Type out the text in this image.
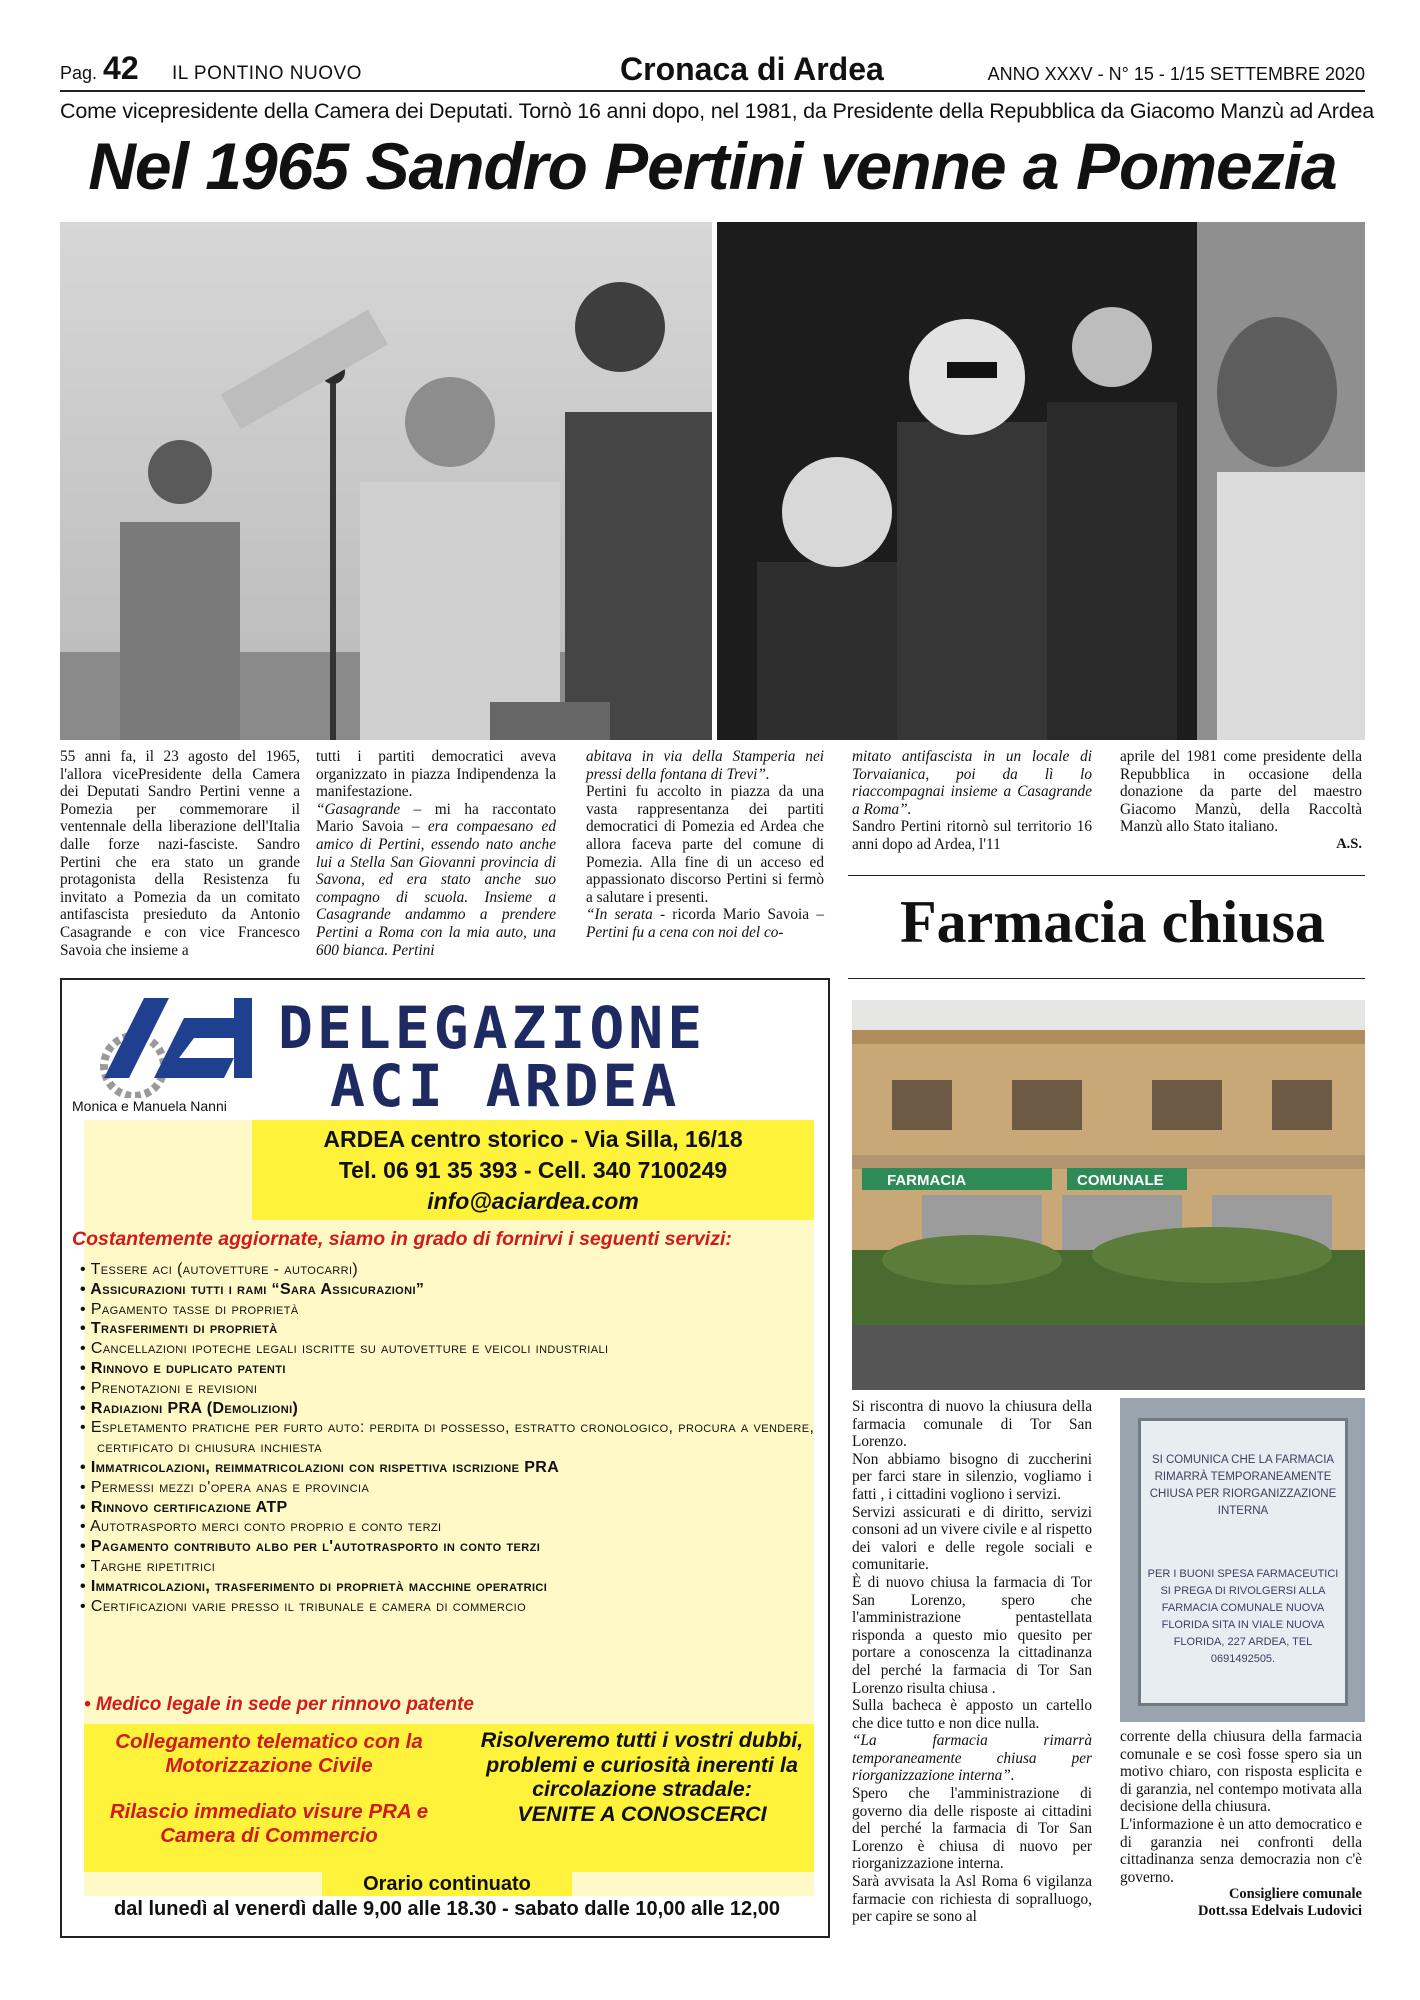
Pag. 42	IL PONTINO NUOVO	Cronaca di Ardea	ANNO XXXV - N° 15 - 1/15 SETTEMBRE 2020
Come vicepresidente della Camera dei Deputati. Tornò 16 anni dopo, nel 1981, da Presidente della Repubblica da Giacomo Manzù ad Ardea
Nel 1965 Sandro Pertini venne a Pomezia

55 anni fa, il 23 agosto del 1965, l'allora vicePresidente della Camera dei Deputati Sandro Pertini venne a Pomezia per commemorare il ventennale della liberazione dell'Italia dalle forze nazi-fasciste. Sandro Pertini che era stato un grande protagonista della Resistenza fu invitato a Pomezia da un comitato antifascista presieduto da Antonio Casagrande e con vice Francesco Savoia che insieme a

tutti i partiti democratici aveva organizzato in piazza Indipendenza la manifestazione.

“Gasagrande – mi ha raccontato Mario Savoia – era compaesano ed amico di Pertini, essendo nato anche lui a Stella San Giovanni provincia di Savona, ed era stato anche suo compagno di scuola. Insieme a Casagrande andammo a prendere Pertini a Roma con la mia auto, una 600 bianca. Pertini

abitava in via della Stamperia nei pressi della fontana di Trevi”.

Pertini fu accolto in piazza da una vasta rappresentanza dei partiti democratici di Pomezia ed Ardea che allora faceva parte del comune di Pomezia. Alla fine di un acceso ed appassionato discorso Pertini si fermò a salutare i presenti.

“In serata - ricorda Mario Savoia – Pertini fu a cena con noi del co-

mitato antifascista in un locale di Torvaianica, poi da lì lo riaccompagnai insieme a Casagrande a Roma”.

Sandro Pertini ritornò sul territorio 16 anni dopo ad Ardea, l'11

aprile del 1981 come presidente della Repubblica in occasione della donazione da parte del maestro Giacomo Manzù, della Raccoltà Manzù allo Stato italiano.

A.S.

Farmacia chiusa
FARMACIA	COMUNALE

Si riscontra di nuovo la chiusura della farmacia comunale di Tor San Lorenzo.

Non abbiamo bisogno di zuccherini per farci stare in silenzio, vogliamo i fatti , i cittadini vogliono i servizi.

Servizi assicurati e di diritto, servizi consoni ad un vivere civile e al rispetto dei valori e delle regole sociali e comunitarie.

È di nuovo chiusa la farmacia di Tor San Lorenzo, spero che l'amministrazione pentastellata risponda a questo mio quesito per portare a conoscenza la cittadinanza del perché la farmacia di Tor San Lorenzo risulta chiusa .

Sulla bacheca è apposto un cartello che dice tutto e non dice nulla.

“La farmacia rimarrà temporaneamente chiusa per riorganizzazione interna”.

Spero che l'amministrazione di governo dia delle risposte ai cittadini del perché la farmacia di Tor San Lorenzo è chiusa di nuovo per riorganizzazione interna.

Sarà avvisata la Asl Roma 6 vigilanza farmacie con richiesta di sopralluogo, per capire se sono al

SI COMUNICA CHE LA FARMACIA RIMARRÀ TEMPORANEAMENTE CHIUSA PER RIORGANIZZAZIONE INTERNA
PER I BUONI SPESA FARMACEUTICI SI PREGA DI RIVOLGERSI ALLA FARMACIA COMUNALE NUOVA FLORIDA SITA IN VIALE NUOVA FLORIDA, 227 ARDEA, TEL 0691492505.

corrente della chiusura della farmacia comunale e se così fosse spero sia un motivo chiaro, con risposta esplicita e di garanzia, nel contempo motivata alla decisione della chiusura.

L'informazione è un atto democratico e di garanzia nei confronti della cittadinanza senza democrazia non c'è governo.

Consigliere comunale

Dott.ssa Edelvais Ludovici

DELEGAZIONE
ACI ARDEA
Monica e Manuela Nanni
ARDEA centro storico - Via Silla, 16/18
Tel. 06 91 35 393 - Cell. 340 7100249
info@aciardea.com
Costantemente aggiornate, siamo in grado di fornirvi i seguenti servizi:
• Tessere aci (autovetture - autocarri)
• Assicurazioni tutti i rami “Sara Assicurazioni”
• Pagamento tasse di proprietà
• Trasferimenti di proprietà
• Cancellazioni ipoteche legali iscritte su autovetture e veicoli industriali
• Rinnovo e duplicato patenti
• Prenotazioni e revisioni
• Radiazioni PRA (Demolizioni)
• Espletamento pratiche per furto auto: perdita di possesso, estratto cronologico, procura a vendere, certificato di chiusura inchiesta
• Immatricolazioni, reimmatricolazioni con rispettiva iscrizione PRA
• Permessi mezzi d'opera anas e provincia
• Rinnovo certificazione ATP
• Autotrasporto merci conto proprio e conto terzi
• Pagamento contributo albo per l'autotrasporto in conto terzi
• Targhe ripetitrici
• Immatricolazioni, trasferimento di proprietà macchine operatrici
• Certificazioni varie presso il tribunale e camera di commercio
• Medico legale in sede per rinnovo patente
Collegamento telematico con la Motorizzazione Civile
Rilascio immediato visure PRA e Camera di Commercio
Risolveremo tutti i vostri dubbi, problemi e curiosità inerenti la circolazione stradale:
VENITE A CONOSCERCI
Orario continuato
dal lunedì al venerdì dalle 9,00 alle 18.30 - sabato dalle 10,00 alle 12,00
